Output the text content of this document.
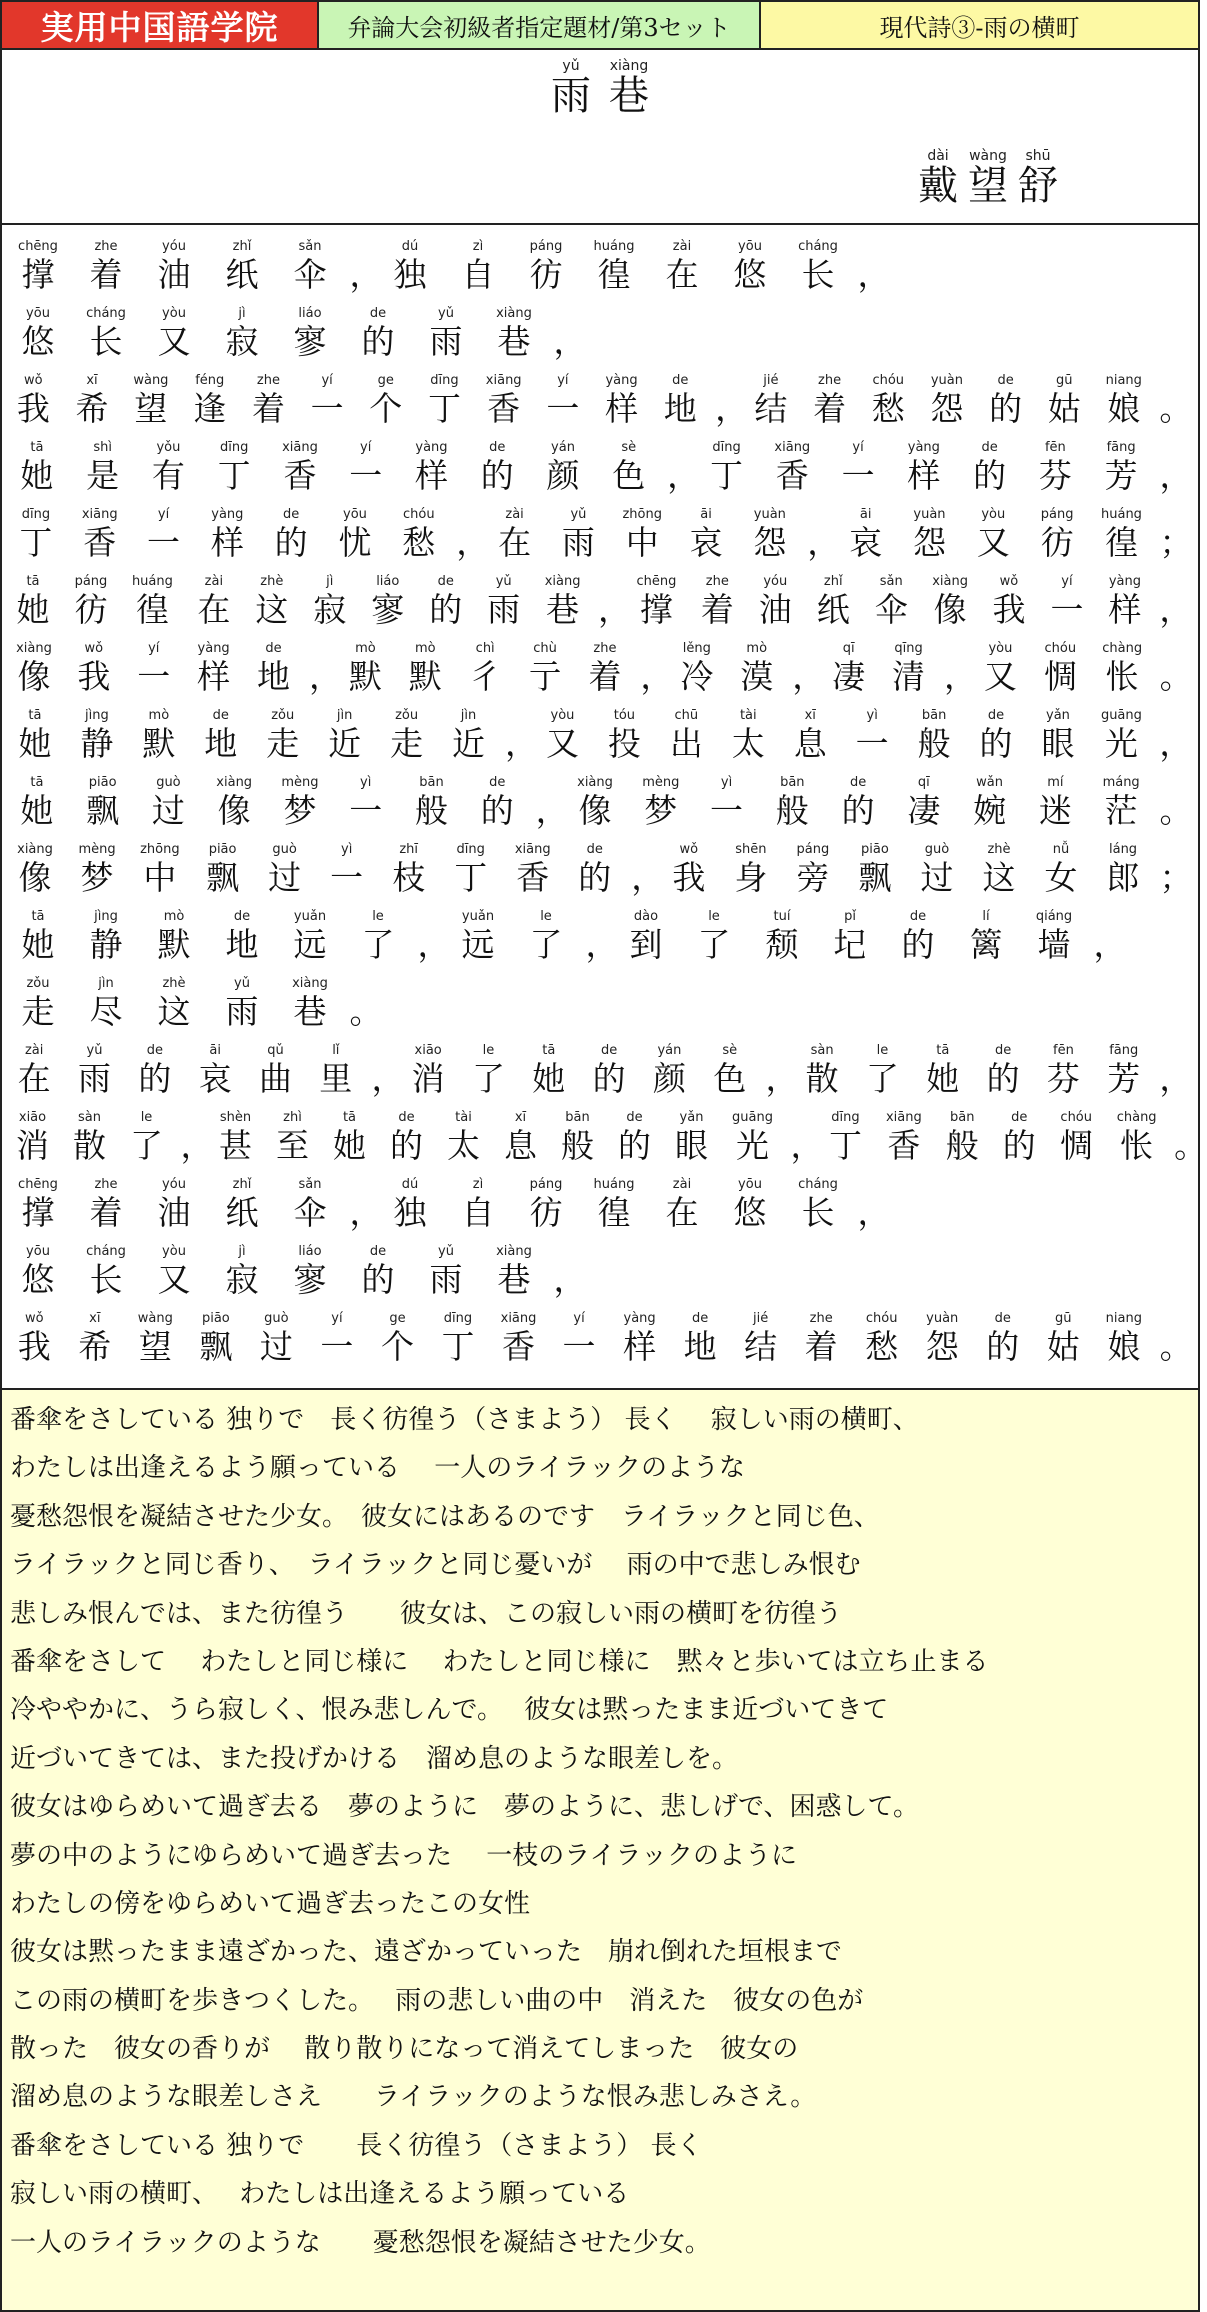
実用中国語学院	弁論大会初級者指定題材/第3セット	現代詩③-雨の横町
yǔ
雨
xiàng
巷
dài
戴
wàng
望
shū
舒
chēng
撑
zhe
着
yóu
油
zhǐ
纸
sǎn
伞 ，
dú
独
zì
自
páng
彷
huáng
徨
zài
在
yōu
悠
cháng
长 ，
yōu
悠
cháng
长
yòu
又
jì
寂
liáo
寥
de
的
yǔ
雨
xiàng
巷 ，
wǒ
我
xī
希
wàng
望
féng
逢
zhe
着
yí
一
ge
个
dīng
丁
xiāng
香
yí
一
yàng
样
de
地 ，
jié
结
zhe
着
chóu
愁
yuàn
怨
de
的
gū
姑
niang
娘 。
tā
她
shì
是
yǒu
有
dīng
丁
xiāng
香
yí
一
yàng
样
de
的
yán
颜
sè
色 ，
dīng
丁
xiāng
香
yí
一
yàng
样
de
的
fēn
芬
fāng
芳 ，
dīng
丁
xiāng
香
yí
一
yàng
样
de
的
yōu
忧
chóu
愁 ，
zài
在
yǔ
雨
zhōng
中
āi
哀
yuàn
怨 ，
āi
哀
yuàn
怨
yòu
又
páng
彷
huáng
徨 ；
tā
她
páng
彷
huáng
徨
zài
在
zhè
这
jì
寂
liáo
寥
de
的
yǔ
雨
xiàng
巷 ，
chēng
撑
zhe
着
yóu
油
zhǐ
纸
sǎn
伞
xiàng
像
wǒ
我
yí
一
yàng
样 ，
xiàng
像
wǒ
我
yí
一
yàng
样
de
地 ，
mò
默
mò
默
chì
彳
chù
亍
zhe
着 ，
lěng
冷
mò
漠 ，
qī
凄
qīng
清 ，
yòu
又
chóu
惆
chàng
怅 。
tā
她
jìng
静
mò
默
de
地
zǒu
走
jìn
近
zǒu
走
jìn
近 ，
yòu
又
tóu
投
chū
出
tài
太
xī
息
yì
一
bān
般
de
的
yǎn
眼
guāng
光 ，
tā
她
piāo
飘
guò
过
xiàng
像
mèng
梦
yì
一
bān
般
de
的 ，
xiàng
像
mèng
梦
yì
一
bān
般
de
的
qī
凄
wǎn
婉
mí
迷
máng
茫 。
xiàng
像
mèng
梦
zhōng
中
piāo
飘
guò
过
yì
一
zhī
枝
dīng
丁
xiāng
香
de
的 ，
wǒ
我
shēn
身
páng
旁
piāo
飘
guò
过
zhè
这
nǚ
女
láng
郎 ；
tā
她
jìng
静
mò
默
de
地
yuǎn
远
le
了 ，
yuǎn
远
le
了 ，
dào
到
le
了
tuí
颓
pǐ
圮
de
的
lí
篱
qiáng
墙 ，
zǒu
走
jìn
尽
zhè
这
yǔ
雨
xiàng
巷 。
zài
在
yǔ
雨
de
的
āi
哀
qǔ
曲
lǐ
里 ，
xiāo
消
le
了
tā
她
de
的
yán
颜
sè
色 ，
sàn
散
le
了
tā
她
de
的
fēn
芬
fāng
芳 ，
xiāo
消
sàn
散
le
了 ，
shèn
甚
zhì
至
tā
她
de
的
tài
太
xī
息
bān
般
de
的
yǎn
眼
guāng
光 ，
dīng
丁
xiāng
香
bān
般
de
的
chóu
惆
chàng
怅 。
chēng
撑
zhe
着
yóu
油
zhǐ
纸
sǎn
伞 ，
dú
独
zì
自
páng
彷
huáng
徨
zài
在
yōu
悠
cháng
长 ，
yōu
悠
cháng
长
yòu
又
jì
寂
liáo
寥
de
的
yǔ
雨
xiàng
巷 ，
wǒ
我
xī
希
wàng
望
piāo
飘
guò
过
yí
一
ge
个
dīng
丁
xiāng
香
yí
一
yàng
样
de
地
jié
结
zhe
着
chóu
愁
yuàn
怨
de
的
gū
姑
niang
娘 。
番傘をさしている 独りで　長く彷徨う（さまよう） 長く　 寂しい雨の横町、
わたしは出逢えるよう願っている　 一人のライラックのような
憂愁怨恨を凝結させた少女。　彼女にはあるのです　ライラックと同じ色、
ライラックと同じ香り、　ライラックと同じ憂いが　 雨の中で悲しみ恨む
悲しみ恨んでは、また彷徨う　　彼女は、この寂しい雨の横町を彷徨う
番傘をさして　 わたしと同じ様に　 わたしと同じ様に　黙々と歩いては立ち止まる
冷ややかに、うら寂しく、恨み悲しんで。　 彼女は黙ったまま近づいてきて
近づいてきては、また投げかける　溜め息のような眼差しを。
彼女はゆらめいて過ぎ去る　夢のように　夢のように、悲しげで、困惑して。
夢の中のようにゆらめいて過ぎ去った　 一枝のライラックのように
わたしの傍をゆらめいて過ぎ去ったこの女性
彼女は黙ったまま遠ざかった、遠ざかっていった　崩れ倒れた垣根まで
この雨の横町を歩きつくした。　 雨の悲しい曲の中　消えた　彼女の色が
散った　彼女の香りが　 散り散りになって消えてしまった　彼女の
溜め息のような眼差しさえ　　ライラックのような恨み悲しみさえ。
番傘をさしている 独りで　　長く彷徨う（さまよう） 長く
寂しい雨の横町、　 わたしは出逢えるよう願っている
一人のライラックのような　　憂愁怨恨を凝結させた少女。
